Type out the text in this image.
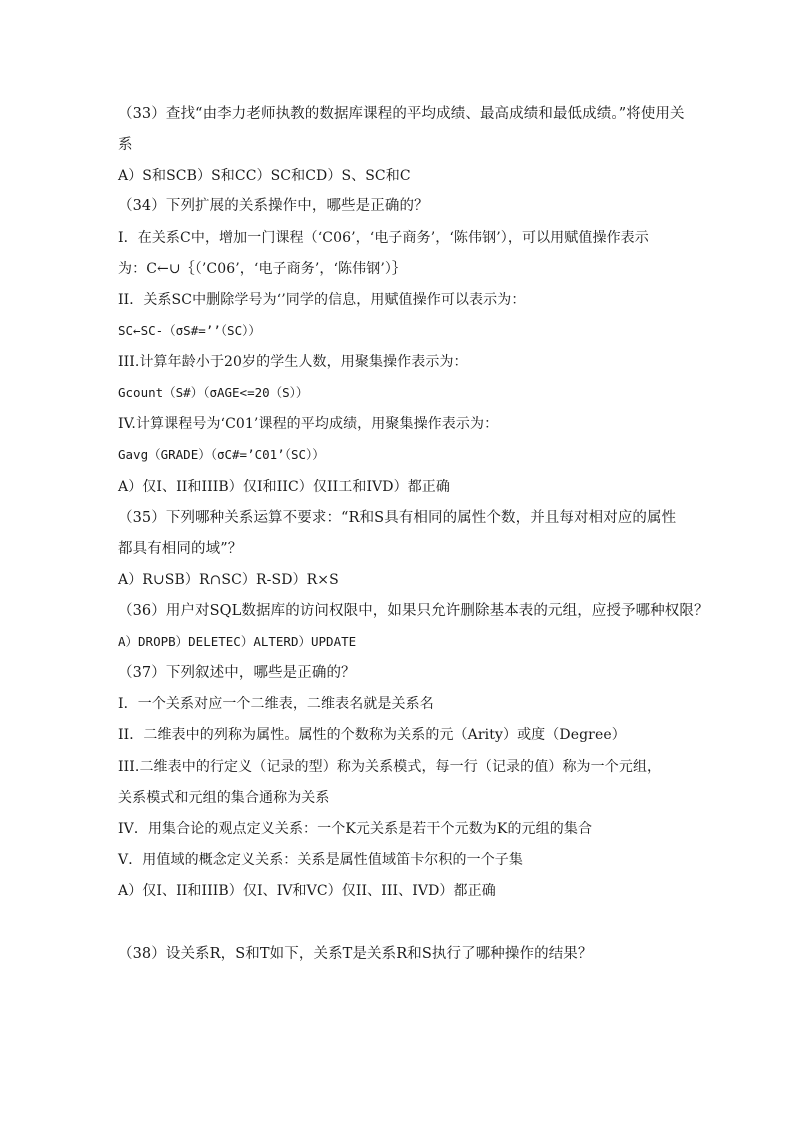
（33）查找“由李力老师执教的数据库课程的平均成绩、最高成绩和最低成绩。”将使用关
系
A）S和SCB）S和CC）SC和CD）S、SC和C
（34）下列扩展的关系操作中，哪些是正确的？
I．在关系C中，增加一门课程（‘C06’，‘电子商务’，‘陈伟钢’），可以用赋值操作表示
为：C←∪｛（’C06’，‘电子商务’，‘陈伟钢’）｝
II．关系SC中删除学号为‘’同学的信息，用赋值操作可以表示为：
SC←SC-（σS#=’’（SC））
III.计算年龄小于20岁的学生人数，用聚集操作表示为：
Gcount（S#）（σAGE<=20（S））
IV.计算课程号为‘C01’课程的平均成绩，用聚集操作表示为：
Gavg（GRADE）（σC#=’C01’（SC））
A）仅I、II和IIIB）仅I和IIC）仅II工和IVD）都正确
（35）下列哪种关系运算不要求：“R和S具有相同的属性个数，并且每对相对应的属性
都具有相同的域”？
A）R∪SB）R∩SC）R-SD）R×S
（36）用户对SQL数据库的访问权限中，如果只允许删除基本表的元组，应授予哪种权限？
A）DROPB）DELETEC）ALTERD）UPDATE
（37）下列叙述中，哪些是正确的？
I．一个关系对应一个二维表，二维表名就是关系名
II．二维表中的列称为属性。属性的个数称为关系的元（Arity）或度（Degree）
III.二维表中的行定义（记录的型）称为关系模式，每一行（记录的值）称为一个元组，
关系模式和元组的集合通称为关系
IV．用集合论的观点定义关系：一个K元关系是若干个元数为K的元组的集合
V．用值域的概念定义关系：关系是属性值域笛卡尔积的一个子集
A）仅I、II和IIIB）仅I、IV和VC）仅II、III、IVD）都正确
（38）设关系R，S和T如下，关系T是关系R和S执行了哪种操作的结果？
